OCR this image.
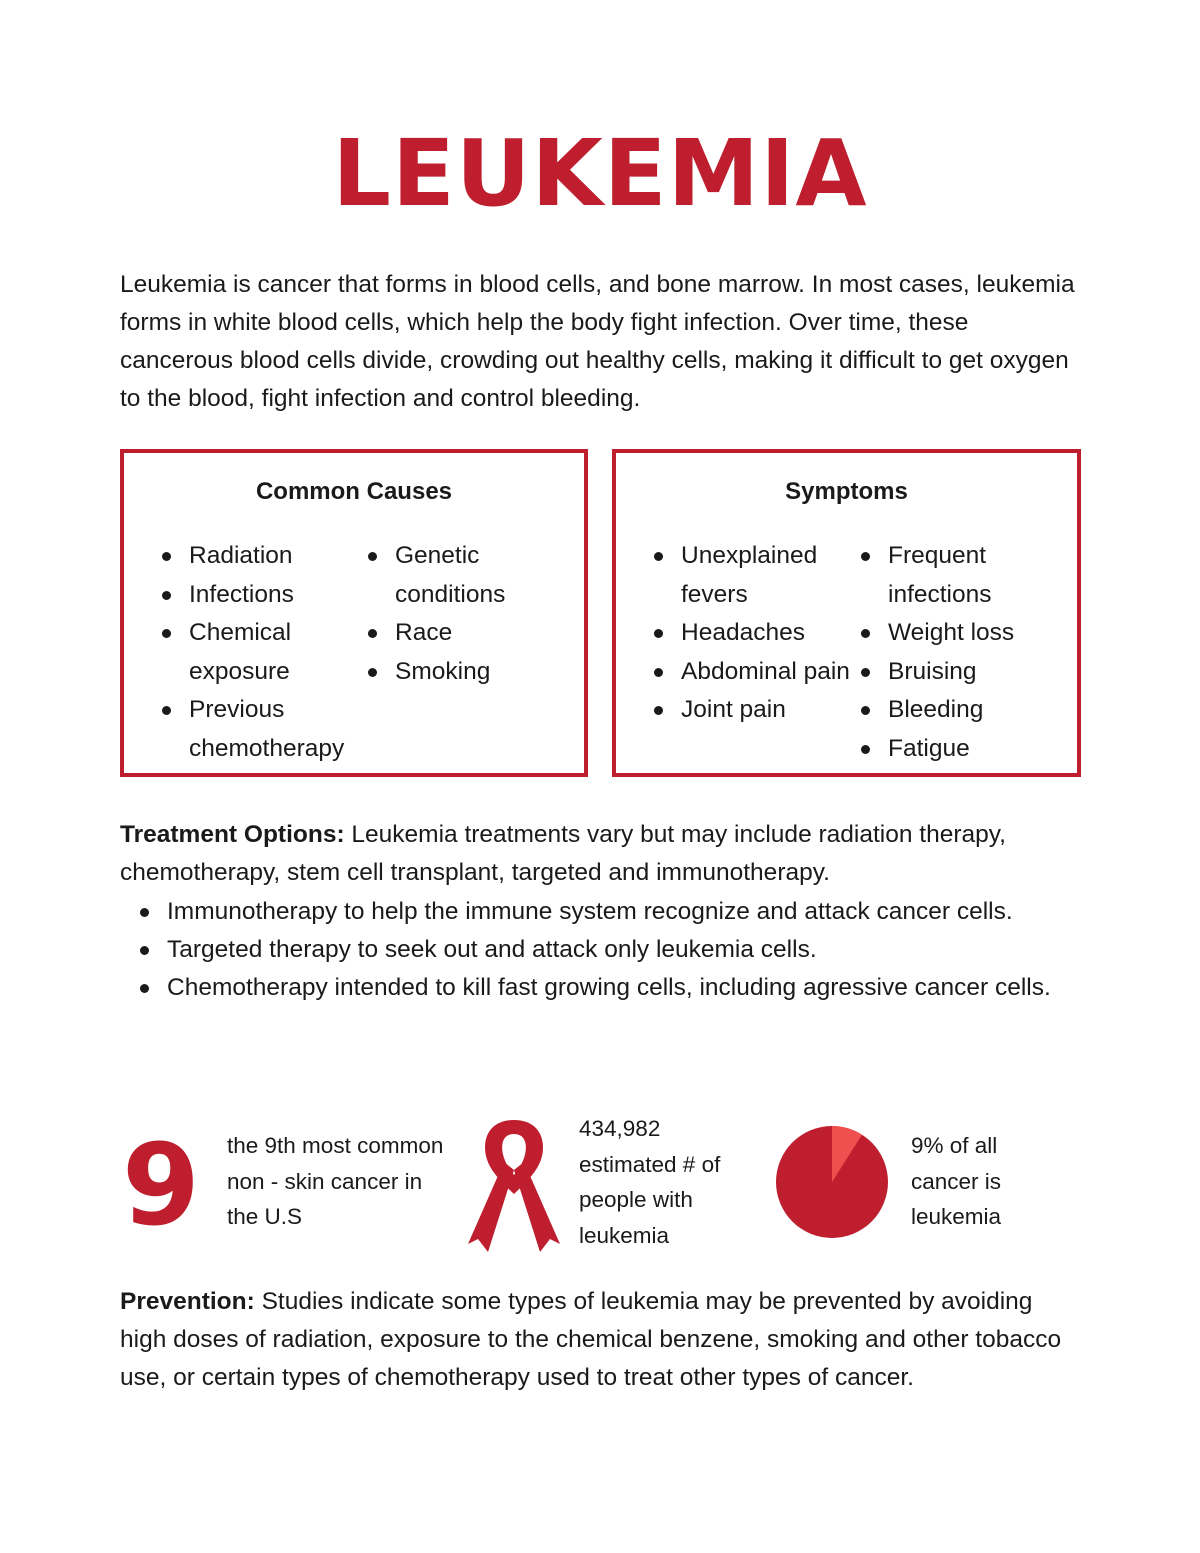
LEUKEMIA
Leukemia is cancer that forms in blood cells, and bone marrow. In most cases, leukemia forms in white blood cells, which help the body fight infection. Over time, these cancerous blood cells divide, crowding out healthy cells, making it difficult to get oxygen to the blood, fight infection and control bleeding.
Common Causes
Radiation
Infections
Chemical exposure
Previous chemotherapy
Genetic conditions
Race
Smoking
Symptoms
Unexplained fevers
Headaches
Abdominal pain
Joint pain
Frequent infections
Weight loss
Bruising
Bleeding
Fatigue
Treatment Options: Leukemia treatments vary but may include radiation therapy, chemotherapy, stem cell transplant, targeted and immunotherapy.
Immunotherapy to help the immune system recognize and attack cancer cells.
Targeted therapy to seek out and attack only leukemia cells.
Chemotherapy intended to kill fast growing cells, including agressive cancer cells.
9 the 9th most common non - skin cancer in the U.S
434,982
estimated # of people with leukemia
9% of all cancer is leukemia
Prevention: Studies indicate some types of leukemia may be prevented by avoiding high doses of radiation, exposure to the chemical benzene, smoking and other tobacco use, or certain types of chemotherapy used to treat other types of cancer.
